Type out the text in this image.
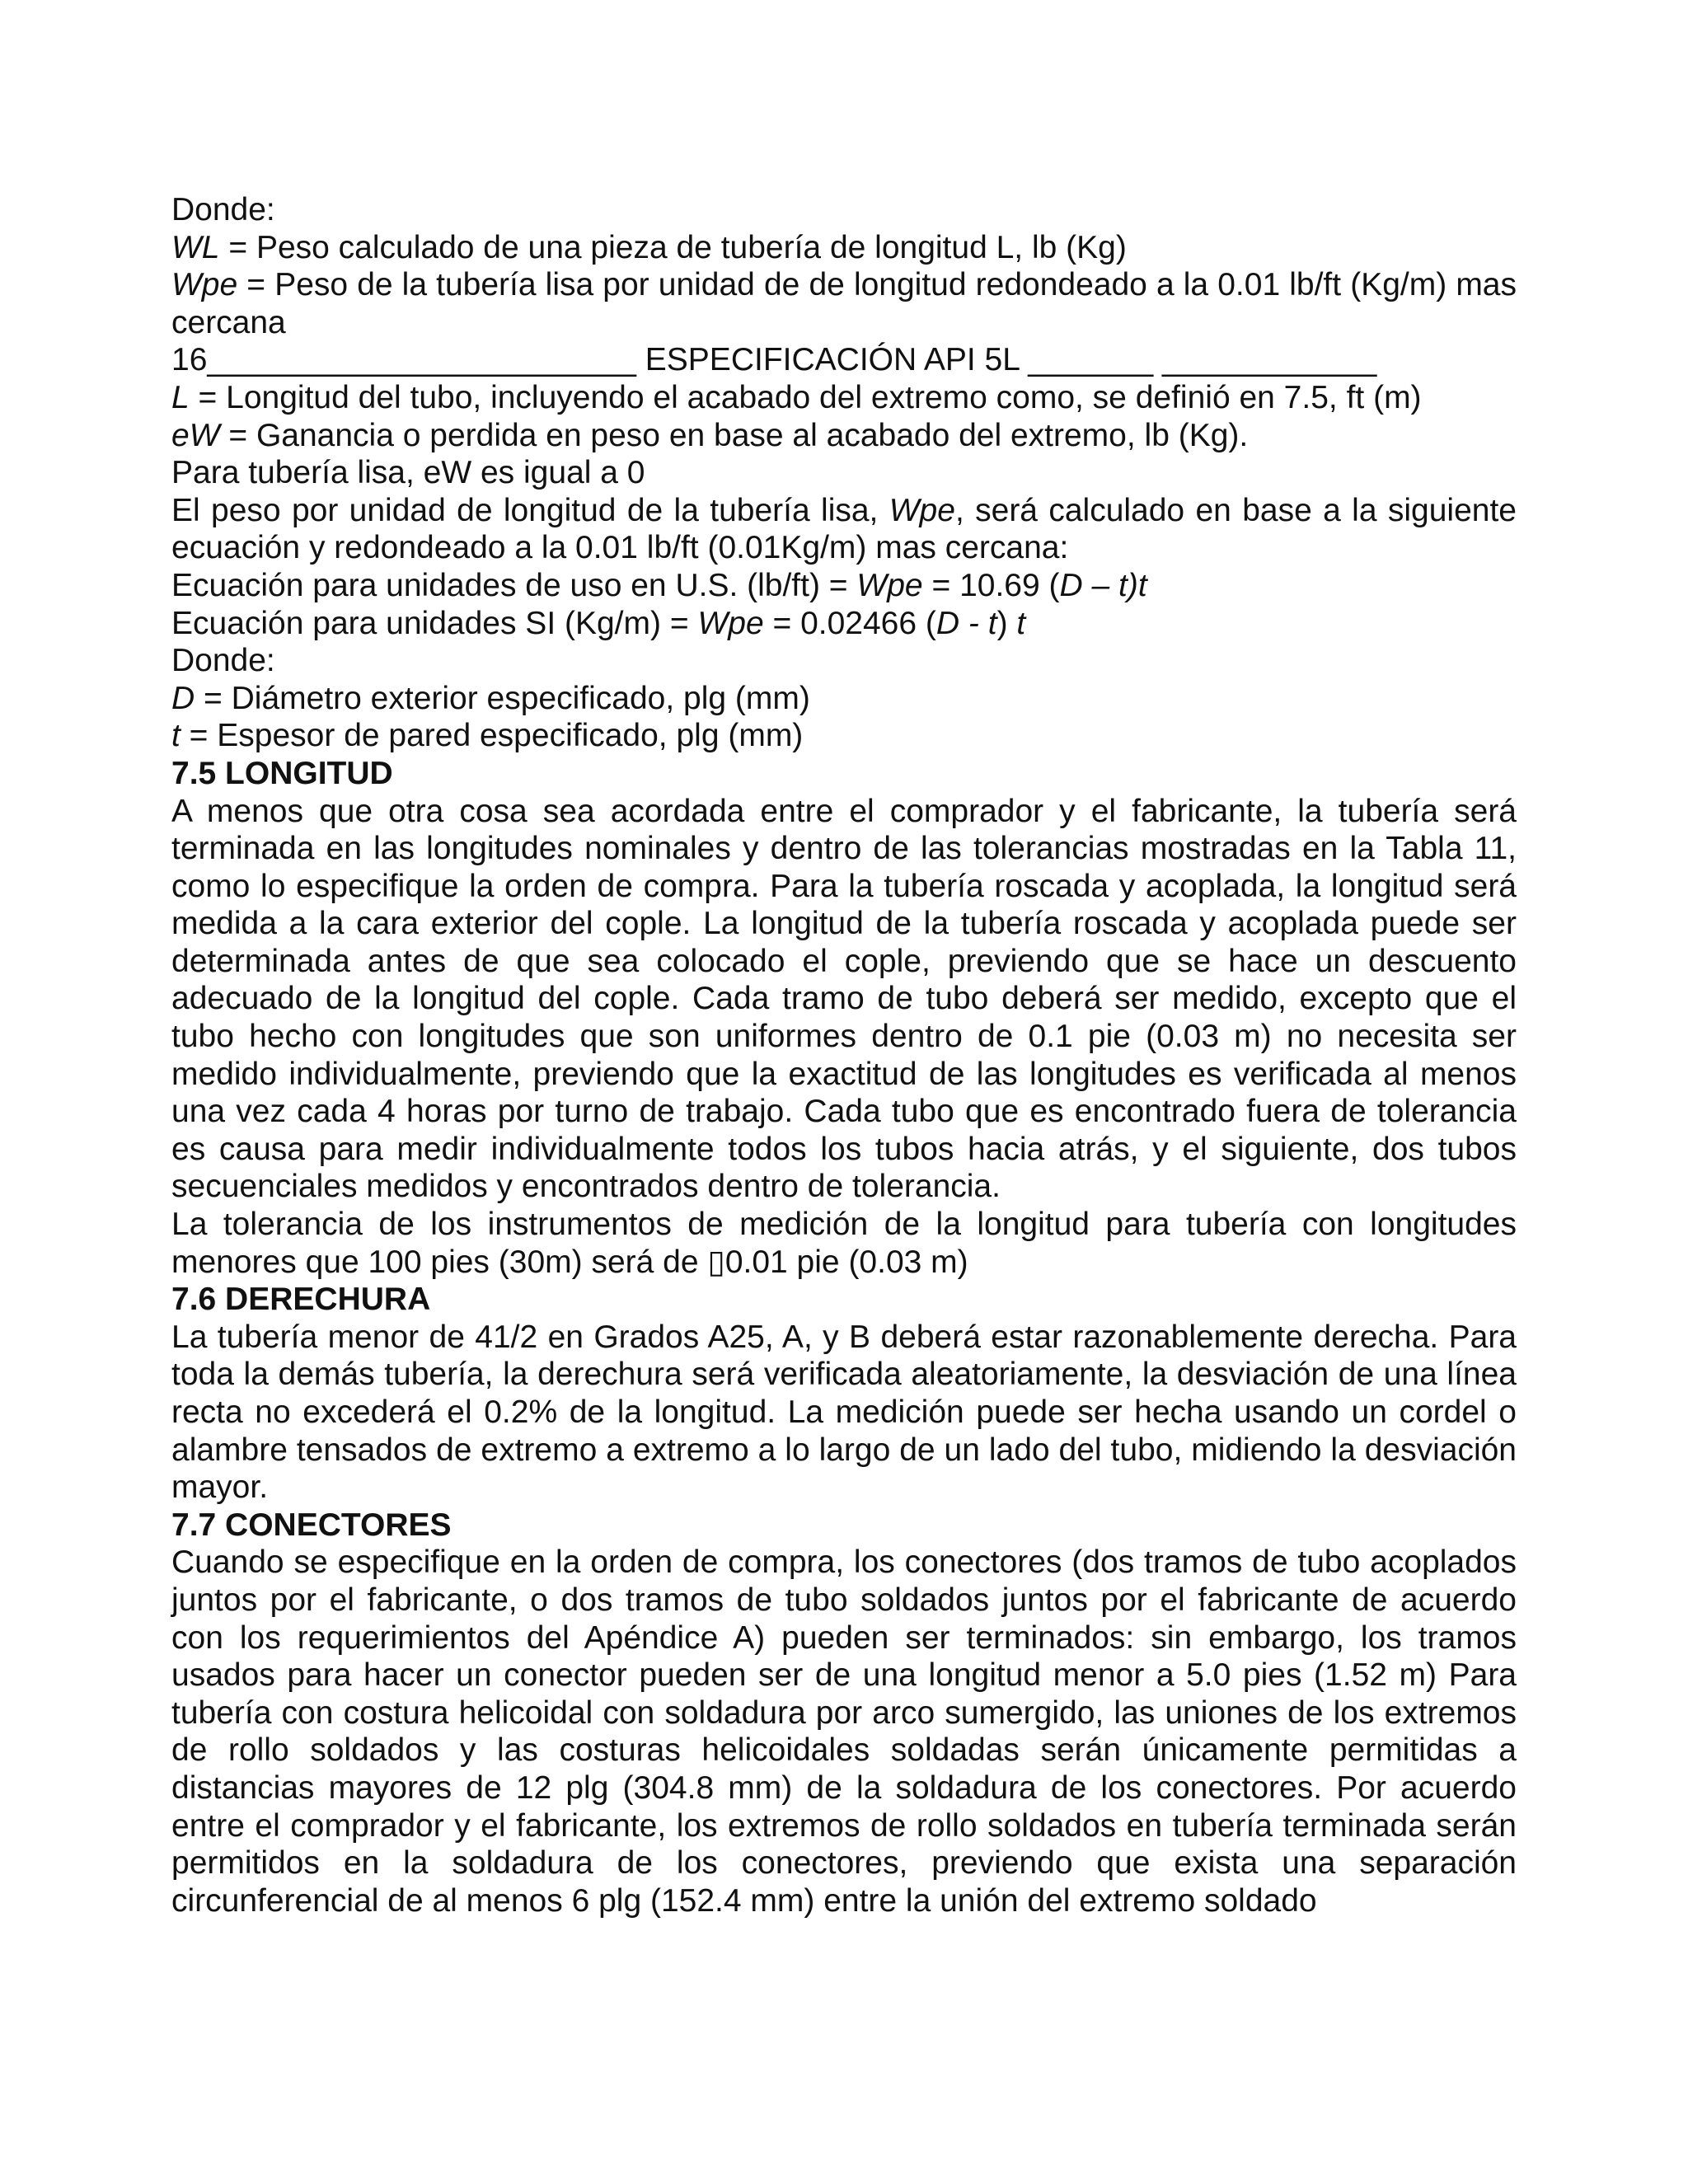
Donde:
WL = Peso calculado de una pieza de tubería de longitud L, lb (Kg)
Wpe = Peso de la tubería lisa por unidad de de longitud redondeado a la 0.01 lb/ft (Kg/m) mas cercana
16________________________ ESPECIFICACIÓN API 5L _______ ____________
L = Longitud del tubo, incluyendo el acabado del extremo como, se definió en 7.5, ft (m)
eW = Ganancia o perdida en peso en base al acabado del extremo, lb (Kg).
Para tubería lisa, eW es igual a 0
El peso por unidad de longitud de la tubería lisa, Wpe, será calculado en base a la siguiente ecuación y redondeado a la 0.01 lb/ft (0.01Kg/m) mas cercana:
Ecuación para unidades de uso en U.S. (lb/ft) = Wpe = 10.69 (D – t)t
Ecuación para unidades SI (Kg/m) = Wpe = 0.02466 (D - t) t
Donde:
D = Diámetro exterior especificado, plg (mm)
t = Espesor de pared especificado, plg (mm)
7.5 LONGITUD
A menos que otra cosa sea acordada entre el comprador y el fabricante, la tubería será terminada en las longitudes nominales y dentro de las tolerancias mostradas en la Tabla 11, como lo especifique la orden de compra. Para la tubería roscada y acoplada, la longitud será medida a la cara exterior del cople. La longitud de la tubería roscada y acoplada puede ser determinada antes de que sea colocado el cople, previendo que se hace un descuento adecuado de la longitud del cople. Cada tramo de tubo deberá ser medido, excepto que el tubo hecho con longitudes que son uniformes dentro de 0.1 pie (0.03 m) no necesita ser medido individualmente, previendo que la exactitud de las longitudes es verificada al menos una vez cada 4 horas por turno de trabajo. Cada tubo que es encontrado fuera de tolerancia es causa para medir individualmente todos los tubos hacia atrás, y el siguiente, dos tubos secuenciales medidos y encontrados dentro de tolerancia.
La tolerancia de los instrumentos de medición de la longitud para tubería con longitudes menores que 100 pies (30m) será de ▯0.01 pie (0.03 m)
7.6 DERECHURA
La tubería menor de 41/2 en Grados A25, A, y B deberá estar razonablemente derecha. Para toda la demás tubería, la derechura será verificada aleatoriamente, la desviación de una línea recta no excederá el 0.2% de la longitud. La medición puede ser hecha usando un cordel o alambre tensados de extremo a extremo a lo largo de un lado del tubo, midiendo la desviación mayor.
7.7 CONECTORES
Cuando se especifique en la orden de compra, los conectores (dos tramos de tubo acoplados juntos por el fabricante, o dos tramos de tubo soldados juntos por el fabricante de acuerdo con los requerimientos del Apéndice A) pueden ser terminados: sin embargo, los tramos usados para hacer un conector pueden ser de una longitud menor a 5.0 pies (1.52 m) Para tubería con costura helicoidal con soldadura por arco sumergido, las uniones de los extremos de rollo soldados y las costuras helicoidales soldadas serán únicamente permitidas a distancias mayores de 12 plg (304.8 mm) de la soldadura de los conectores. Por acuerdo entre el comprador y el fabricante, los extremos de rollo soldados en tubería terminada serán permitidos en la soldadura de los conectores, previendo que exista una separación circunferencial de al menos 6 plg (152.4 mm) entre la unión del extremo soldado
